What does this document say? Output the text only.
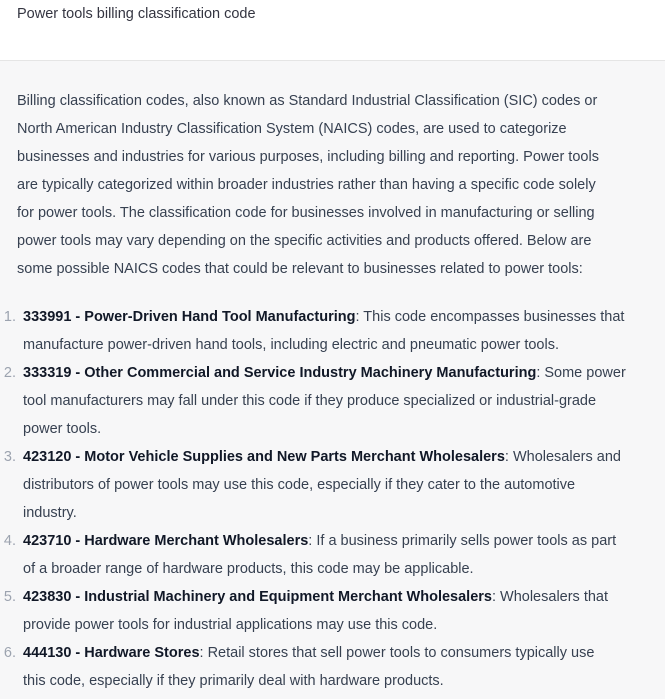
Power tools billing classification code
Billing classification codes, also known as Standard Industrial Classification (SIC) codes or
North American Industry Classification System (NAICS) codes, are used to categorize
businesses and industries for various purposes, including billing and reporting. Power tools
are typically categorized within broader industries rather than having a specific code solely
for power tools. The classification code for businesses involved in manufacturing or selling
power tools may vary depending on the specific activities and products offered. Below are
some possible NAICS codes that could be relevant to businesses related to power tools:
1. 333991 - Power-Driven Hand Tool Manufacturing: This code encompasses businesses that
manufacture power-driven hand tools, including electric and pneumatic power tools.
2. 333319 - Other Commercial and Service Industry Machinery Manufacturing: Some power
tool manufacturers may fall under this code if they produce specialized or industrial-grade
power tools.
3. 423120 - Motor Vehicle Supplies and New Parts Merchant Wholesalers: Wholesalers and
distributors of power tools may use this code, especially if they cater to the automotive
industry.
4. 423710 - Hardware Merchant Wholesalers: If a business primarily sells power tools as part
of a broader range of hardware products, this code may be applicable.
5. 423830 - Industrial Machinery and Equipment Merchant Wholesalers: Wholesalers that
provide power tools for industrial applications may use this code.
6. 444130 - Hardware Stores: Retail stores that sell power tools to consumers typically use
this code, especially if they primarily deal with hardware products.
